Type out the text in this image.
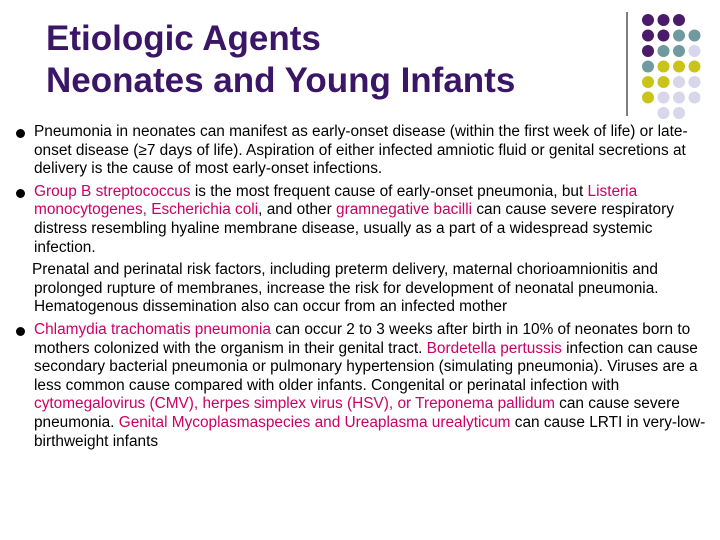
Etiologic Agents
Neonates and Young Infants
Pneumonia in neonates can manifest as early-onset disease (within the first week of life) or late-onset disease (≥7 days of life). Aspiration of either infected amniotic fluid or genital secretions at delivery is the cause of most early-onset infections.
Group B streptococcus is the most frequent cause of early-onset pneumonia, but Listeria monocytogenes, Escherichia coli, and other gramnegative bacilli can cause severe respiratory distress resembling hyaline membrane disease, usually as a part of a widespread systemic infection.
Prenatal and perinatal risk factors, including preterm delivery, maternal chorioamnionitis and prolonged rupture of membranes, increase the risk for development of neonatal pneumonia. Hematogenous dissemination also can occur from an infected mother
Chlamydia trachomatis pneumonia can occur 2 to 3 weeks after birth in 10% of neonates born to mothers colonized with the organism in their genital tract. Bordetella pertussis infection can cause secondary bacterial pneumonia or pulmonary hypertension (simulating pneumonia). Viruses are a less common cause compared with older infants. Congenital or perinatal infection with cytomegalovirus (CMV), herpes simplex virus (HSV), or Treponema pallidum can cause severe pneumonia. Genital Mycoplasmaspecies and Ureaplasma urealyticum can cause LRTI in very-low-birthweight infants
